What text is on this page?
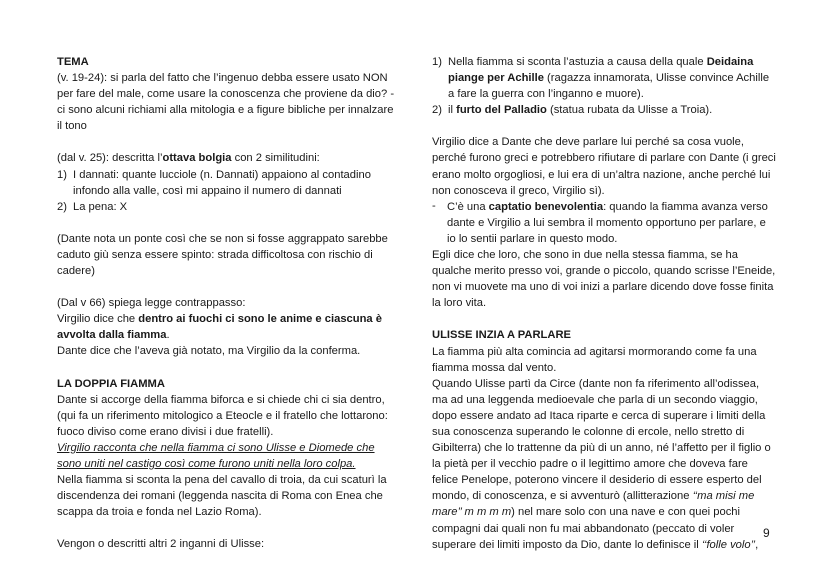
TEMA

(v. 19-24): si parla del fatto che l’ingenuo debba essere usato NON per fare del male, come usare la conoscenza che proviene da dio? - ci sono alcuni richiami alla mitologia e a figure bibliche per innalzare il tono

(dal v. 25): descritta l’ottava bolgia con 2 similitudini:

1) I dannati: quante lucciole (n. Dannati) appaiono al contadino infondo alla valle, così mi appaino il numero di dannati
2) La pena: X

(Dante nota un ponte così che se non si fosse aggrappato sarebbe caduto giù senza essere spinto: strada difficoltosa con rischio di cadere)

(Dal v 66) spiega legge contrappasso:

Virgilio dice che dentro ai fuochi ci sono le anime e ciascuna è avvolta dalla fiamma.

Dante dice che l’aveva già notato, ma Virgilio da la conferma.

LA DOPPIA FIAMMA

Dante si accorge della fiamma biforca e si chiede chi ci sia dentro, (qui fa un riferimento mitologico a Eteocle e il fratello che lottarono: fuoco diviso come erano divisi i due fratelli).

Virgilio racconta che nella fiamma ci sono Ulisse e Diomede che sono uniti nel castigo così come furono uniti nella loro colpa.

Nella fiamma si sconta la pena del cavallo di troia, da cui scaturì la discendenza dei romani (leggenda nascita di Roma con Enea che scappa da troia e fonda nel Lazio Roma).

Vengon o descritti altri 2 inganni di Ulisse:

1) Nella fiamma si sconta l’astuzia a causa della quale Deidaina piange per Achille (ragazza innamorata, Ulisse convince Achille a fare la guerra con l’inganno e muore).
2) il furto del Palladio (statua rubata da Ulisse a Troia).

Virgilio dice a Dante che deve parlare lui perché sa cosa vuole, perché furono greci e potrebbero rifiutare di parlare con Dante (i greci erano molto orgogliosi, e lui era di un’altra nazione, anche perché lui non conosceva il greco, Virgilio sì).

- C’è una captatio benevolentia: quando la fiamma avanza verso dante e Virgilio a lui sembra il momento opportuno per parlare, e io lo sentii parlare in questo modo.

Egli dice che loro, che sono in due nella stessa fiamma, se ha qualche merito presso voi, grande o piccolo, quando scrisse l’Eneide, non vi muovete ma uno di voi inizi a parlare dicendo dove fosse finita la loro vita.

ULISSE INZIA A PARLARE

La fiamma più alta comincia ad agitarsi mormorando come fa una fiamma mossa dal vento.

Quando Ulisse partì da Circe (dante non fa riferimento all’odissea, ma ad una leggenda medioevale che parla di un secondo viaggio, dopo essere andato ad Itaca riparte e cerca di superare i limiti della sua conoscenza superando le colonne di ercole, nello stretto di Gibilterra) che lo trattenne da più di un anno, né l’affetto per il figlio o la pietà per il vecchio padre o il legittimo amore che doveva fare felice Penelope, poterono vincere il desiderio di essere esperto del mondo, di conoscenza, e si avventurò (allitterazione ‘‘ma misi me mare’’ m m m m) nel mare solo con una nave e con quei pochi compagni dai quali non fu mai abbandonato (peccato di voler superare dei limiti imposto da Dio, dante lo definisce il ‘‘folle volo’’,

9
